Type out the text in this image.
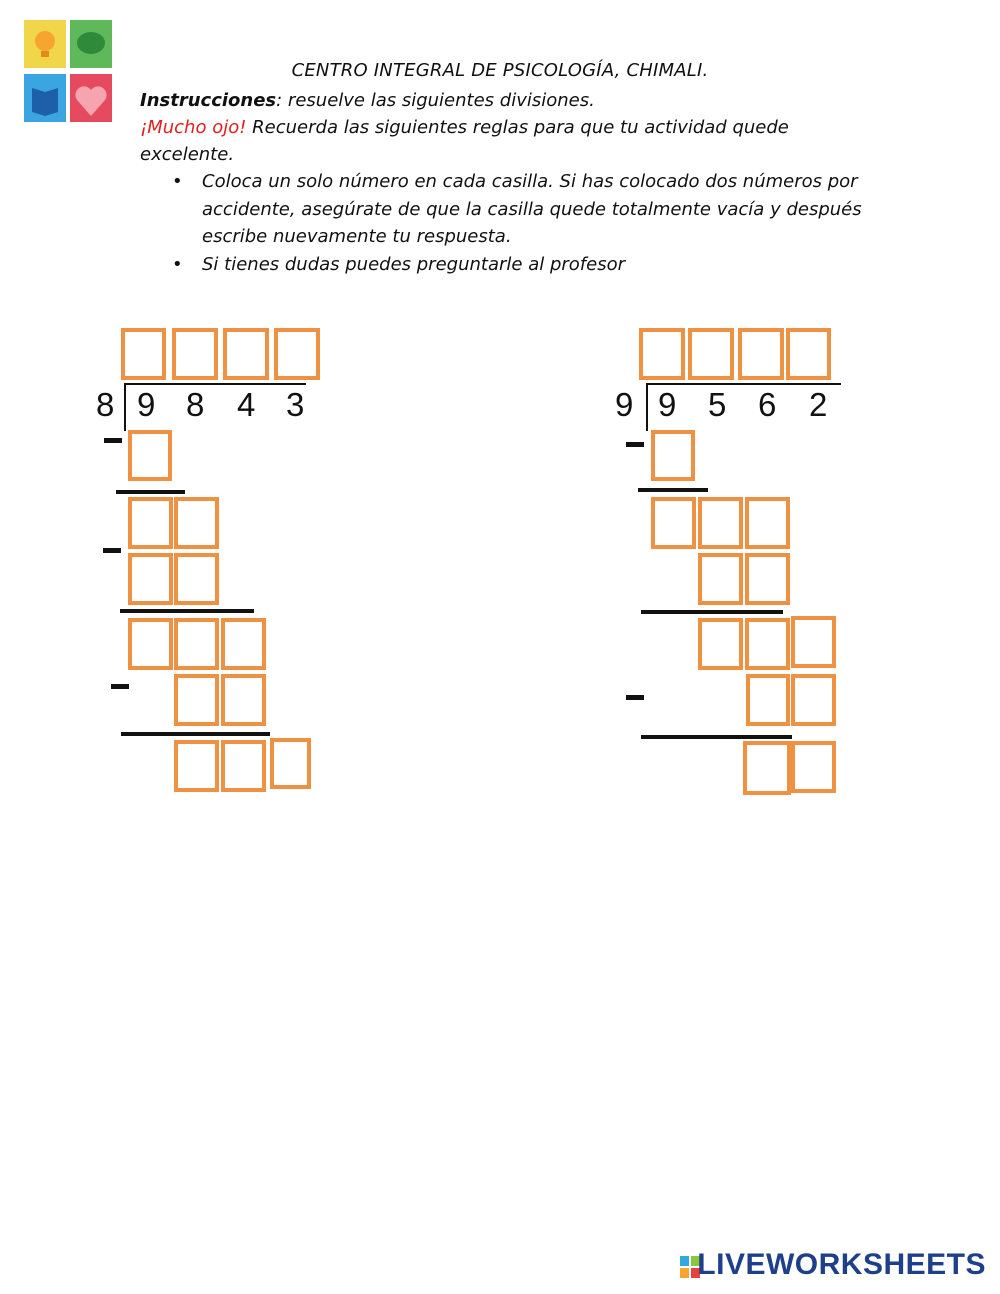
CENTRO INTEGRAL DE PSICOLOGÍA, CHIMALI.
Instrucciones: resuelve las siguientes divisiones.
¡Mucho ojo! Recuerda las siguientes reglas para que tu actividad quede
excelente.
• Coloca un solo número en cada casilla. Si has colocado dos números por accidente, asegúrate de que la casilla quede totalmente vacía y después escribe nuevamente tu respuesta.
• Si tienes dudas puedes preguntarle al profesor
8 9 8 4 3	9 9 5 6 2
LIVEWORKSHEETS
